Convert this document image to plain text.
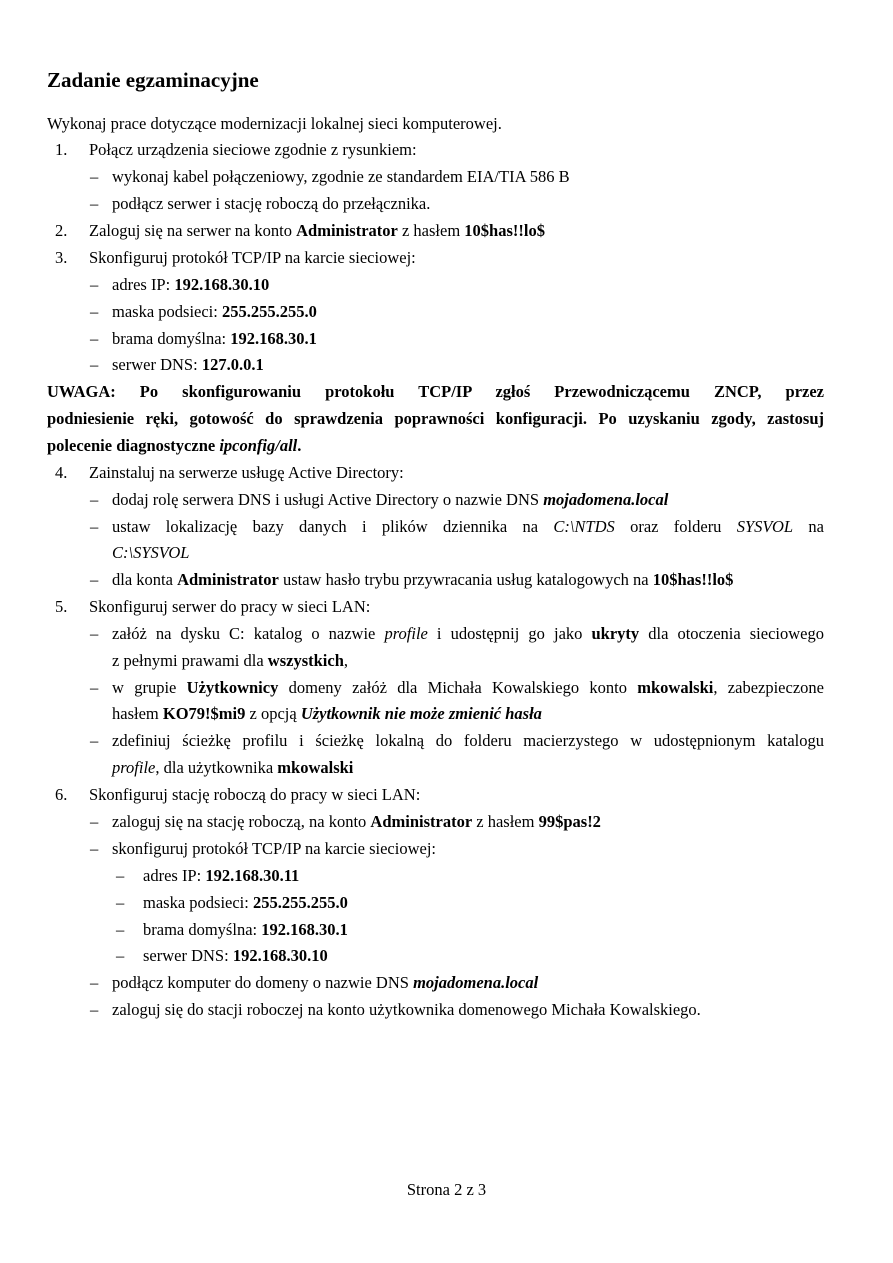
Zadanie egzaminacyjne
Wykonaj prace dotyczące modernizacji lokalnej sieci komputerowej.
1. Połącz urządzenia sieciowe zgodnie z rysunkiem:
– wykonaj kabel połączeniowy, zgodnie ze standardem EIA/TIA 586 B
– podłącz serwer i stację roboczą do przełącznika.
2. Zaloguj się na serwer na konto Administrator z hasłem 10$has!!lo$
3. Skonfiguruj protokół TCP/IP na karcie sieciowej:
– adres IP: 192.168.30.10
– maska podsieci: 255.255.255.0
– brama domyślna: 192.168.30.1
– serwer DNS: 127.0.0.1
UWAGA: Po skonfigurowaniu protokołu TCP/IP zgłoś Przewodniczącemu ZNCP, przez
podniesienie ręki, gotowość do sprawdzenia poprawności konfiguracji. Po uzyskaniu zgody, zastosuj
polecenie diagnostyczne ipconfig/all.
4. Zainstaluj na serwerze usługę Active Directory:
– dodaj rolę serwera DNS i usługi Active Directory o nazwie DNS mojadomena.local
– ustaw lokalizację bazy danych i plików dziennika na C:\NTDS oraz folderu SYSVOL na
C:\SYSVOL
– dla konta Administrator ustaw hasło trybu przywracania usług katalogowych na 10$has!!lo$
5. Skonfiguruj serwer do pracy w sieci LAN:
– załóż na dysku C: katalog o nazwie profile i udostępnij go jako ukryty dla otoczenia sieciowego
z pełnymi prawami dla wszystkich,
– w grupie Użytkownicy domeny załóż dla Michała Kowalskiego konto mkowalski, zabezpieczone
hasłem KO79!$mi9 z opcją Użytkownik nie może zmienić hasła
– zdefiniuj ścieżkę profilu i ścieżkę lokalną do folderu macierzystego w udostępnionym katalogu
profile, dla użytkownika mkowalski
6. Skonfiguruj stację roboczą do pracy w sieci LAN:
– zaloguj się na stację roboczą, na konto Administrator z hasłem 99$pas!2
– skonfiguruj protokół TCP/IP na karcie sieciowej:
– adres IP: 192.168.30.11
– maska podsieci: 255.255.255.0
– brama domyślna: 192.168.30.1
– serwer DNS: 192.168.30.10
– podłącz komputer do domeny o nazwie DNS mojadomena.local
– zaloguj się do stacji roboczej na konto użytkownika domenowego Michała Kowalskiego.
Strona 2 z 3
